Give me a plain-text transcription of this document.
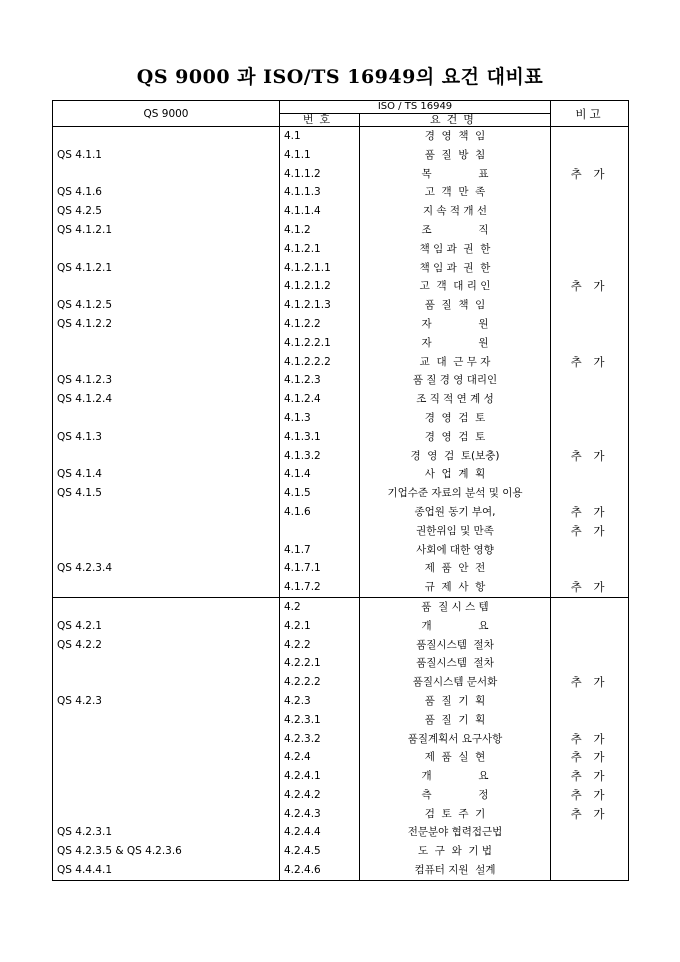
QS 9000 과 ISO/TS 16949의 요건 대비표
QS 9000	ISO / TS 16949		비고
	번호	요건명	
	4.1	경  영  책  임	
QS 4.1.1	4.1.1	품  질  방  침	
	4.1.1.2	목              표	추 가
QS 4.1.6	4.1.1.3	고  객  만  족	
QS 4.2.5	4.1.1.4	지 속 적 개 선	
QS 4.1.2.1	4.1.2	조              직	
	4.1.2.1	책 임 과  권  한	
QS 4.1.2.1	4.1.2.1.1	책 임 과  권  한	
	4.1.2.1.2	고  객  대 리 인	추 가
QS 4.1.2.5	4.1.2.1.3	품  질  책  임	
QS 4.1.2.2	4.1.2.2	자              원	
	4.1.2.2.1	자              원	
	4.1.2.2.2	교  대  근 무 자	추 가
QS 4.1.2.3	4.1.2.3	품 질 경 영 대리인	
QS 4.1.2.4	4.1.2.4	조 직 적 연 계 성	
	4.1.3	경  영  검  토	
QS 4.1.3	4.1.3.1	경  영  검  토	
	4.1.3.2	경  영  검  토(보충)	추 가
QS 4.1.4	4.1.4	사  업  계  획	
QS 4.1.5	4.1.5	기업수준 자료의 분석 및 이용	
	4.1.6	종업원 동기 부여,	추 가
		권한위임 및 만족	추 가
	4.1.7	사회에 대한 영향	
QS 4.2.3.4	4.1.7.1	제  품  안  전	
	4.1.7.2	규  제  사  항	추 가
	4.2	품  질 시 스 템	
QS 4.2.1	4.2.1	개              요	
QS 4.2.2	4.2.2	품질시스템  절차	
	4.2.2.1	품질시스템  절차	
	4.2.2.2	품질시스템 문서화	추 가
QS 4.2.3	4.2.3	품  질  기  획	
	4.2.3.1	품  질  기  획	
	4.2.3.2	품질계획서 요구사항	추 가
	4.2.4	제  품  실  현	추 가
	4.2.4.1	개              요	추 가
	4.2.4.2	측              정	추 가
	4.2.4.3	검  토  주  기	추 가
QS 4.2.3.1	4.2.4.4	전문분야 협력접근법	
QS 4.2.3.5 & QS 4.2.3.6	4.2.4.5	도  구  와  기 법	
QS 4.4.4.1	4.2.4.6	컴퓨터 지원  설계	
